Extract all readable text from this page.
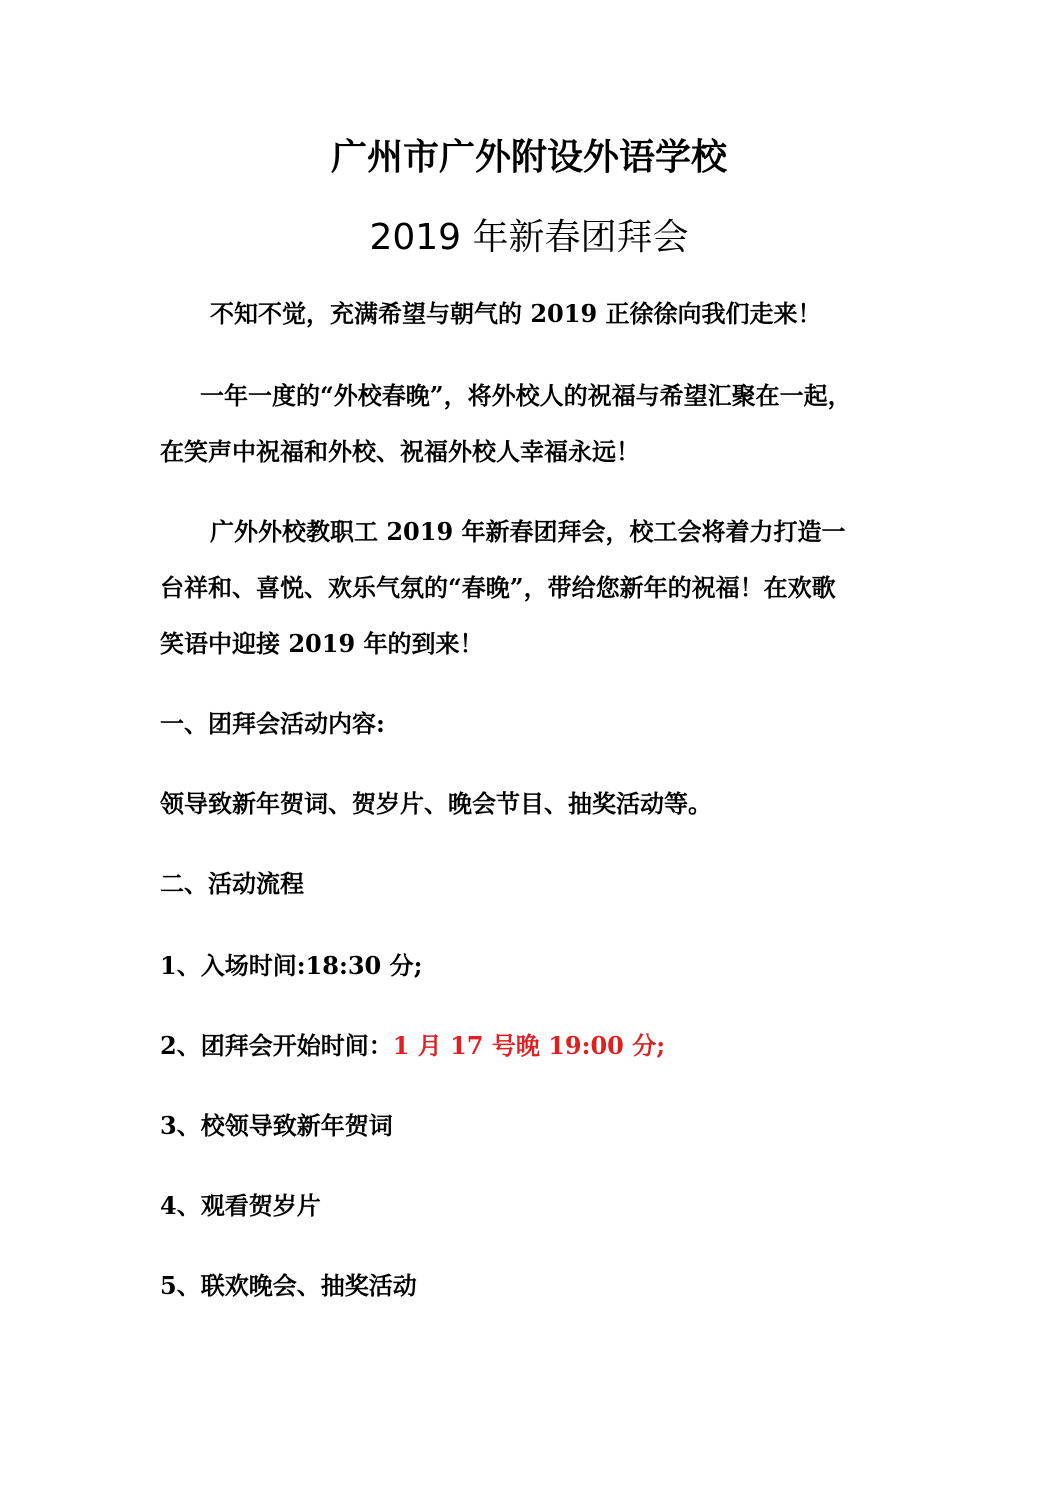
广州市广外附设外语学校
2019 年新春团拜会
不知不觉，充满希望与朝气的 2019 正徐徐向我们走来！
一年一度的“外校春晚”，将外校人的祝福与希望汇聚在一起，
在笑声中祝福和外校、祝福外校人幸福永远！
广外外校教职工 2019 年新春团拜会，校工会将着力打造一
台祥和、喜悦、欢乐气氛的“春晚”，带给您新年的祝福！在欢歌
笑语中迎接 2019 年的到来！
一、团拜会活动内容:
领导致新年贺词、贺岁片、晚会节目、抽奖活动等。
二、活动流程
1、入场时间:18:30 分;
2、团拜会开始时间：1 月 17 号晚 19:00 分;
3、校领导致新年贺词
4、观看贺岁片
5、联欢晚会、抽奖活动
